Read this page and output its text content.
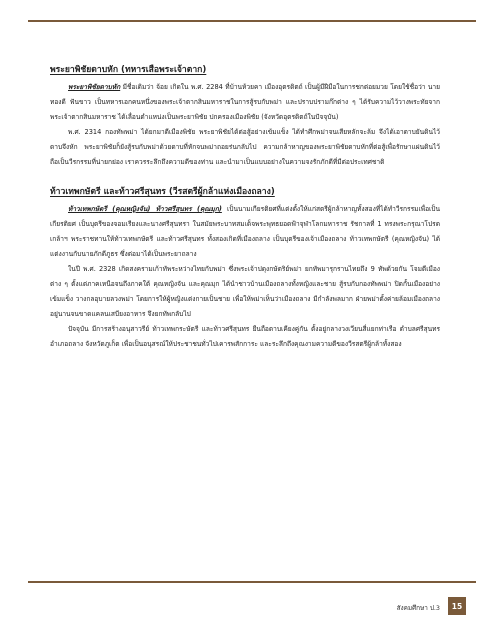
พระยาพิชัยดาบหัก (ทหารเสือพระเจ้าตาก)

พระยาพิชัยดาบหัก มีชื่อเดิมว่า จ้อย เกิดใน พ.ศ. 2284 ที่บ้านห้วยคา เมืองอุตรดิตถ์ เป็นผู้มีฝีมือในการชกต่อยมวย โดยใช้ชื่อว่า นายทองดี ฟันขาว เป็นทหารเอกคนหนึ่งของพระเจ้าตากสินมหาราชในการสู้รบกับพม่า และปราบปรามก๊กต่าง ๆ ได้รับความไว้วางพระทัยจากพระเจ้าตากสินมหาราช ได้เลื่อนตำแหน่งเป็นพระยาพิชัย ปกครองเมืองพิชัย (จังหวัดอุตรดิตถ์ในปัจจุบัน)

พ.ศ. 2314 กองทัพพม่า ได้ยกมาตีเมืองพิชัย พระยาพิชัยได้ต่อสู้อย่างเข้มแข็ง ได้ทำศึกพม่าจนเสียหลักจะล้ม จึงได้เอาดาบยันดินไว้ดาบจึงหัก พระยาพิชัยก็ยังสู้รบกับพม่าด้วยดาบที่หักจนพม่าถอยร่นกลับไป ความกล้าหาญของพระยาพิชัยดาบหักที่ต่อสู้เพื่อรักษาแผ่นดินไว้ ถือเป็นวีรกรรมที่น่ายกย่อง เราควรระลึกถึงความดีของท่าน และนำมาเป็นแบบอย่างในความจงรักภักดีที่มีต่อประเทศชาติ

ท้าวเทพกษัตรี และท้าวศรีสุนทร (วีรสตรีผู้กล้าแห่งเมืองถลาง)

ท้าวเทพกษัตรี (คุณหญิงจัน) ท้าวศรีสุนทร (คุณมุก) เป็นนามเกียรติยศที่แต่งตั้งให้แก่สตรีผู้กล้าหาญทั้งสองที่ได้ทำวีรกรรมเพื่อเป็นเกียรติยศ เป็นบุตรีของจอมเรียงและนางศรีสุนทรา ในสมัยพระบาทสมเด็จพระพุทธยอดฟ้าจุฬาโลกมหาราช รัชกาลที่ 1 ทรงพระกรุณาโปรดเกล้าฯ พระราชทานให้ท้าวเทพกษัตรี และท้าวศรีสุนทร ทั้งสองเกิดที่เมืองถลาง เป็นบุตรีของเจ้าเมืองถลาง ท้าวเทพกษัตรี (คุณหญิงจัน) ได้แต่งงานกับนายภักดีภูธร ซึ่งต่อมาได้เป็นพระยาถลาง

ในปี พ.ศ. 2328 เกิดสงครามเก้าทัพระหว่างไทยกับพม่า ซึ่งพระเจ้าปดุงกษัตริย์พม่า ยกทัพมารุกรานไทยถึง 9 ทัพด้วยกัน โจมตีเมืองต่าง ๆ ตั้งแต่ภาคเหนือจนถึงภาคใต้ คุณหญิงจัน และคุณมุก ได้นำชาวบ้านเมืองถลางทั้งหญิงและชาย สู้รบกับกองทัพพม่า ปิดกั้นเมืองอย่างเข้มแข็ง วางกลอุบายลวงพม่า โดยการให้ผู้หญิงแต่งกายเป็นชาย เพื่อให้พม่าเห็นว่าเมืองถลาง มีกำลังพลมาก ฝ่ายพม่าตั้งค่ายล้อมเมืองถลางอยู่นานจนขาดแคลนเสบียงอาหาร จึงยกทัพกลับไป

ปัจจุบัน มีการสร้างอนุสาวรีย์ ท้าวเทพกระษัตรี และท้าวศรีสุนทร ยืนถือดาบเคียงคู่กัน ตั้งอยู่กลางวงเวียนสี่แยกท่าเรือ ตำบลศรีสุนทร อำเภอถลาง จังหวัดภูเก็ต เพื่อเป็นอนุสรณ์ให้ประชาชนทั่วไปเคารพสักการะ และระลึกถึงคุณงามความดีของวีรสตรีผู้กล้าทั้งสอง

สังคมศึกษา ป.3	15
